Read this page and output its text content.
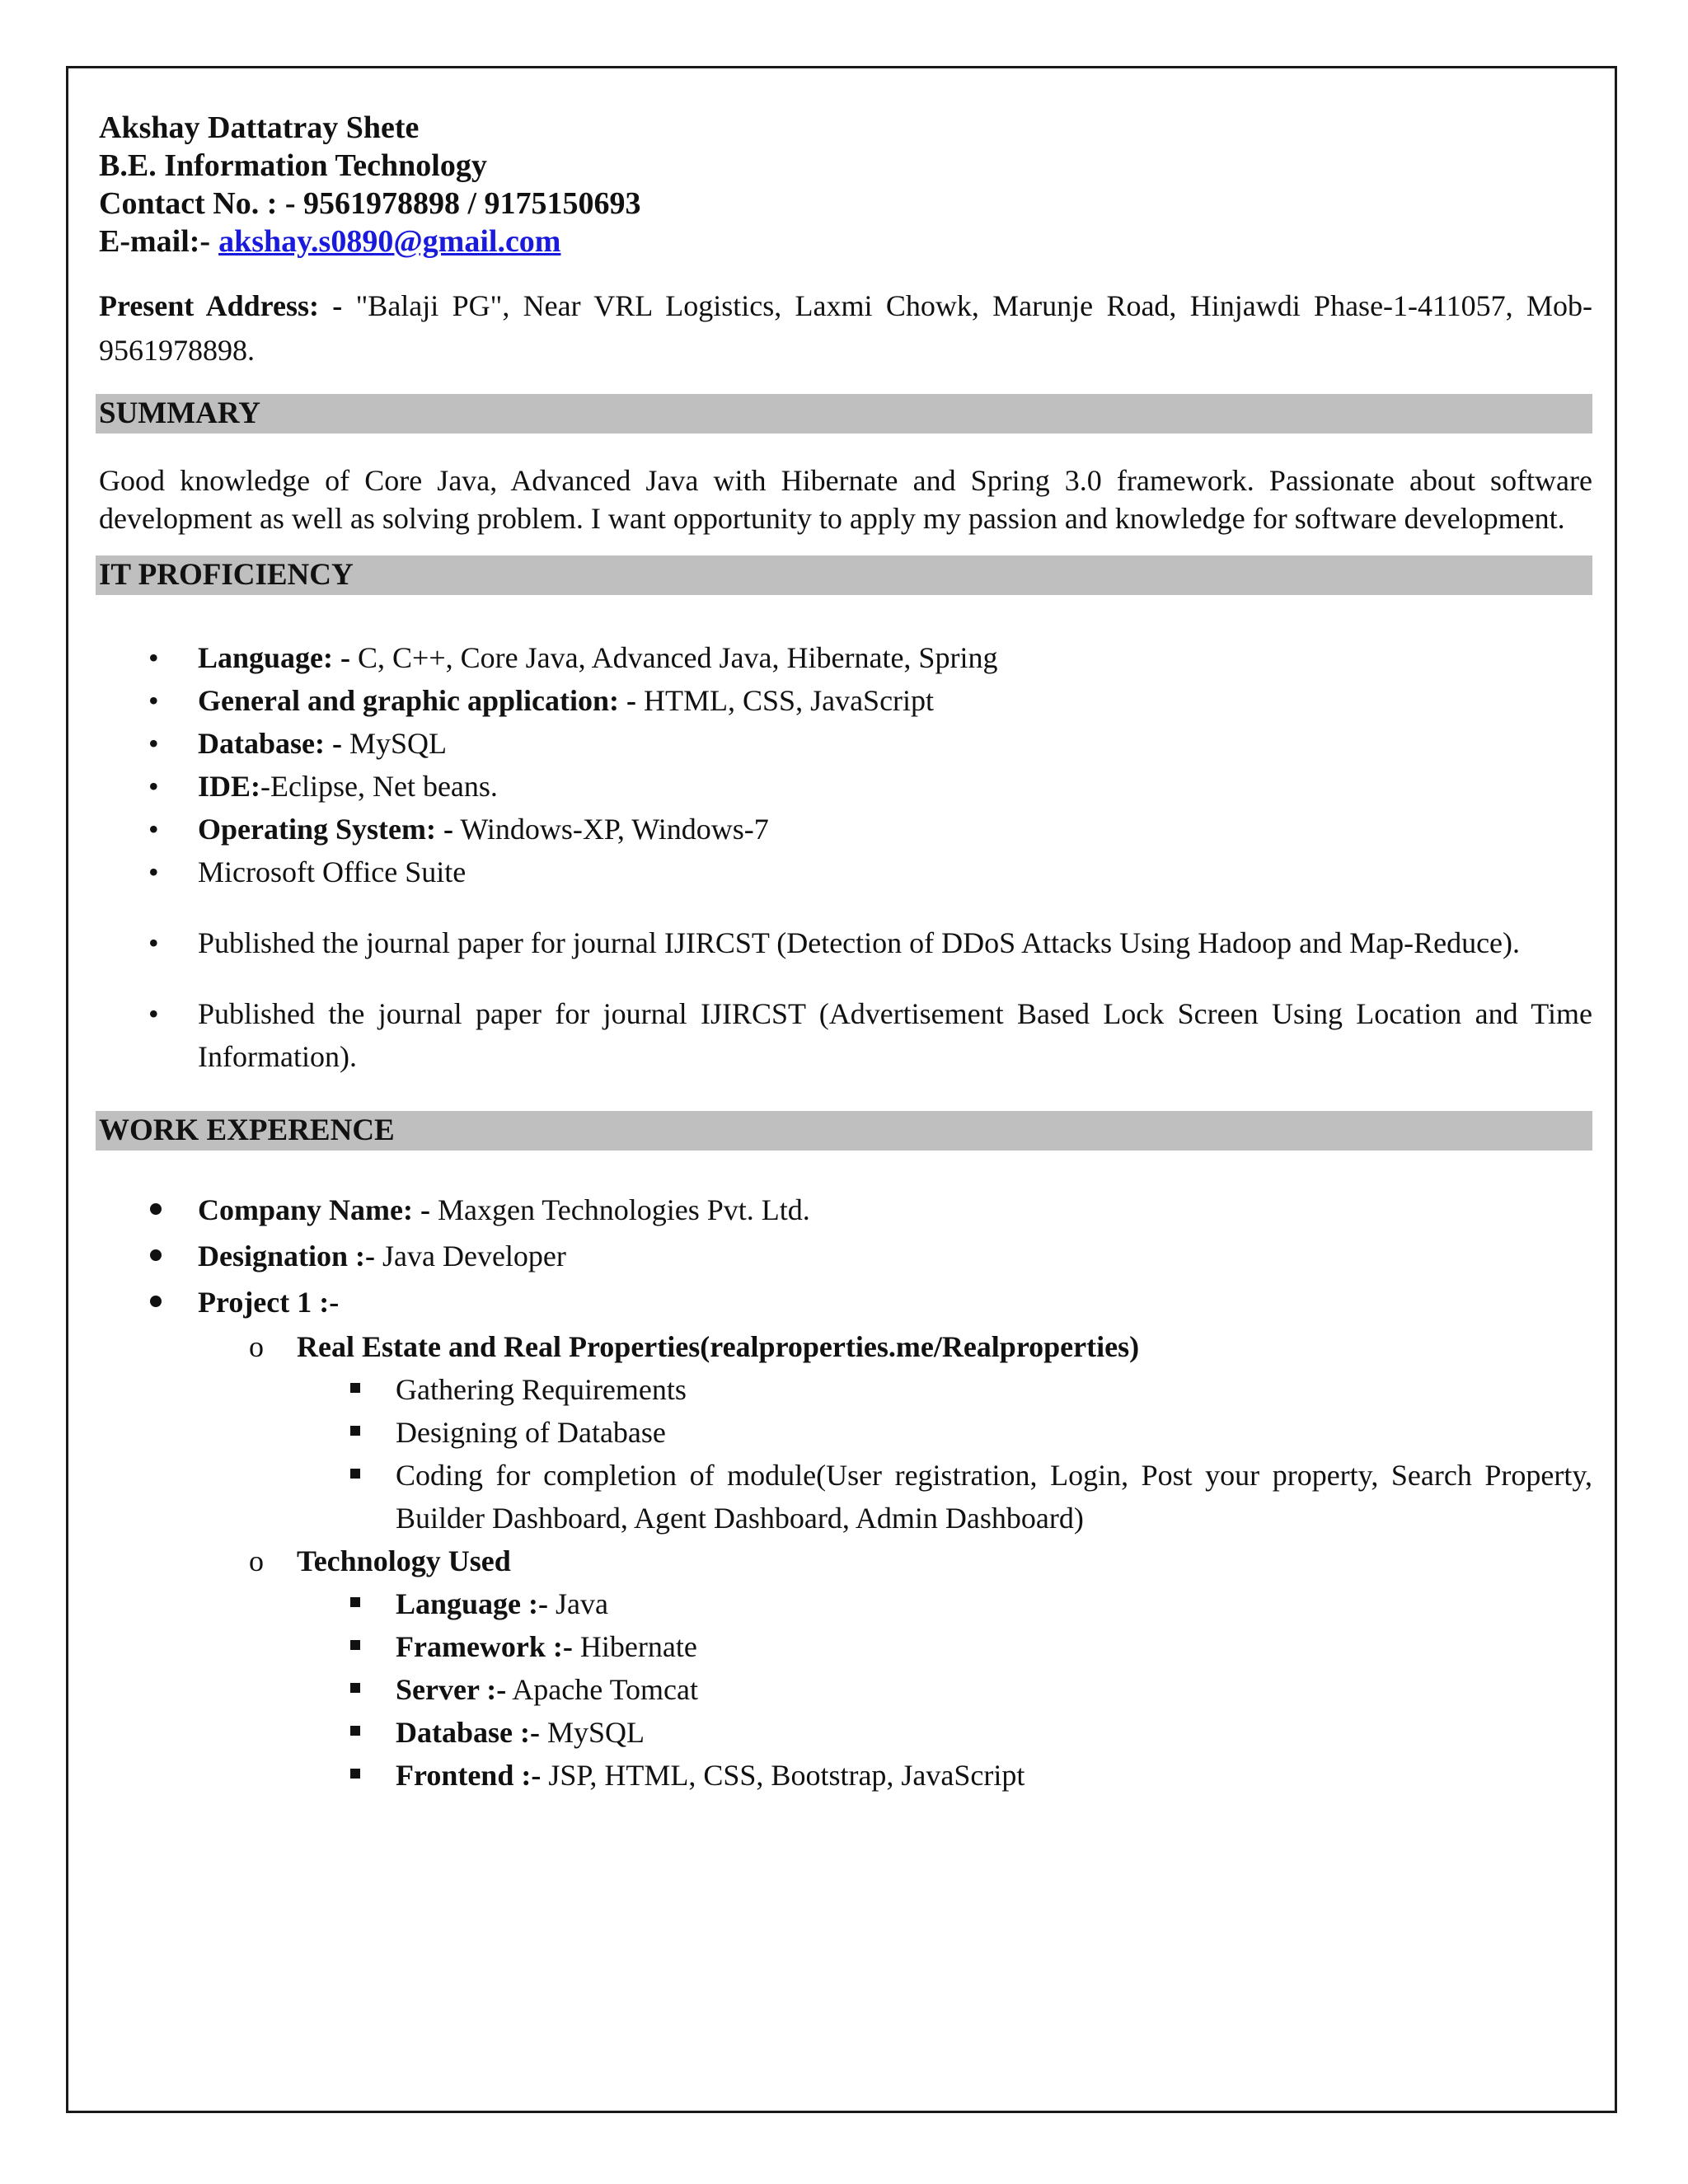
Akshay Dattatray Shete

B.E. Information Technology

Contact No. : - 9561978898 / 9175150693

E-mail:- akshay.s0890@gmail.com

Present Address: - "Balaji PG", Near VRL Logistics, Laxmi Chowk, Marunje Road, Hinjawdi Phase-1-411057, Mob-9561978898.
SUMMARY
Good knowledge of Core Java, Advanced Java with Hibernate and Spring 3.0 framework. Passionate about software development as well as solving problem. I want opportunity to apply my passion and knowledge for software development.
IT PROFICIENCY
• Language: - C, C++, Core Java, Advanced Java, Hibernate, Spring
• General and graphic application: - HTML, CSS, JavaScript
• Database: - MySQL
• IDE:-Eclipse, Net beans.
• Operating System: - Windows-XP, Windows-7
• Microsoft Office Suite
• Published the journal paper for journal IJIRCST (Detection of DDoS Attacks Using Hadoop and Map-Reduce).
• Published the journal paper for journal IJIRCST (Advertisement Based Lock Screen Using Location and Time Information).
WORK EXPERENCE
Company Name: - Maxgen Technologies Pvt. Ltd.
Designation :- Java Developer
Project 1 :-
o Real Estate and Real Properties(realproperties.me/Realproperties)
Gathering Requirements
Designing of Database
Coding for completion of module(User registration, Login, Post your property, Search Property, Builder Dashboard, Agent Dashboard, Admin Dashboard)
o Technology Used
Language :- Java
Framework :- Hibernate
Server :- Apache Tomcat
Database :- MySQL
Frontend :- JSP, HTML, CSS, Bootstrap, JavaScript
